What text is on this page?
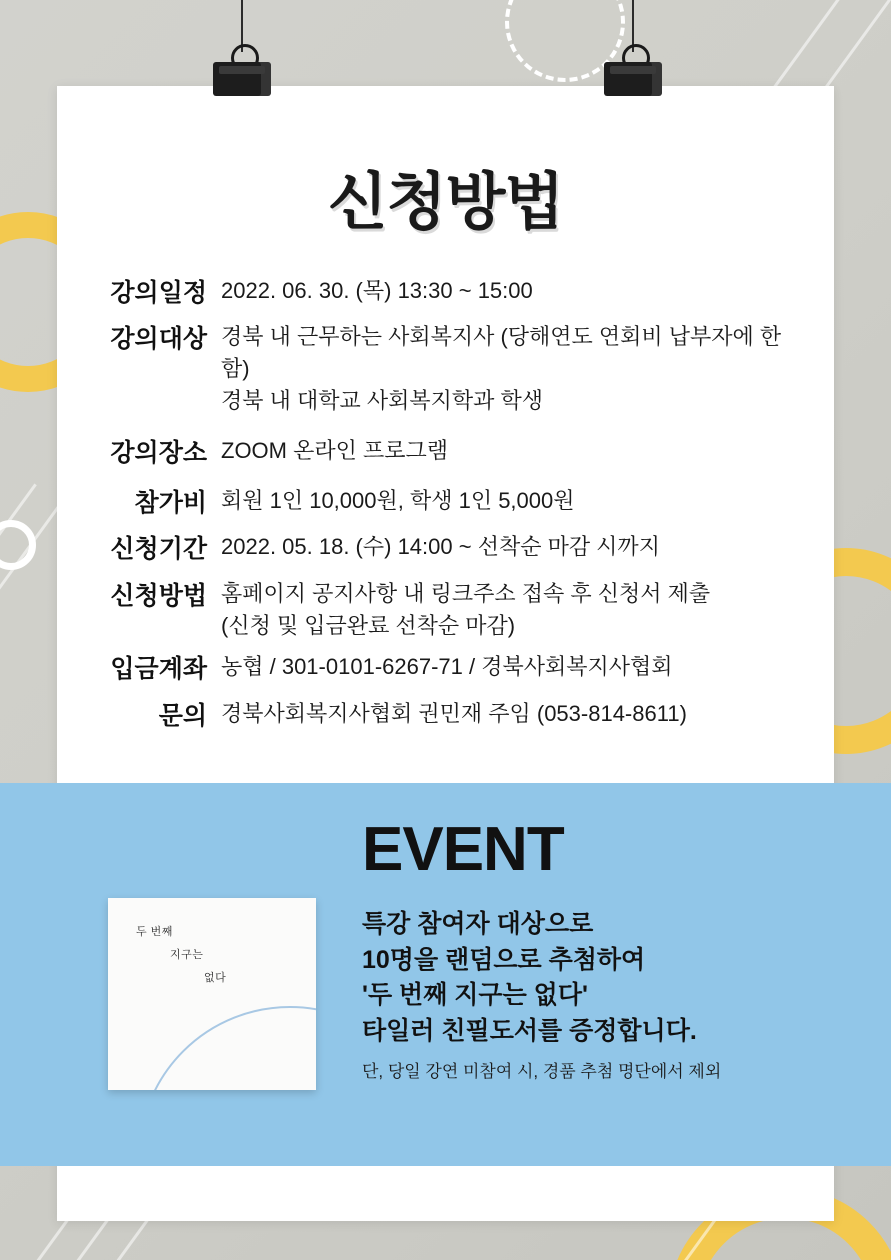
신청방법
강의일정 2022. 06. 30. (목) 13:30 ~ 15:00
강의대상 경북 내 근무하는 사회복지사 (당해연도 연회비 납부자에 한함)
경북 내 대학교 사회복지학과 학생
강의장소 ZOOM 온라인 프로그램
참가비 회원 1인 10,000원, 학생 1인 5,000원
신청기간 2022. 05. 18. (수) 14:00 ~ 선착순 마감 시까지
신청방법 홈페이지 공지사항 내 링크주소 접속 후 신청서 제출
(신청 및 입금완료 선착순 마감)
입금계좌 농협 / 301-0101-6267-71 / 경북사회복지사협회
문의 경북사회복지사협회 권민재 주임 (053-814-8611)
두 번째
지구는
없다
EVENT
특강 참여자 대상으로
10명을 랜덤으로 추첨하여
'두 번째 지구는 없다'
타일러 친필도서를 증정합니다.
단, 당일 강연 미참여 시, 경품 추첨 명단에서 제외
